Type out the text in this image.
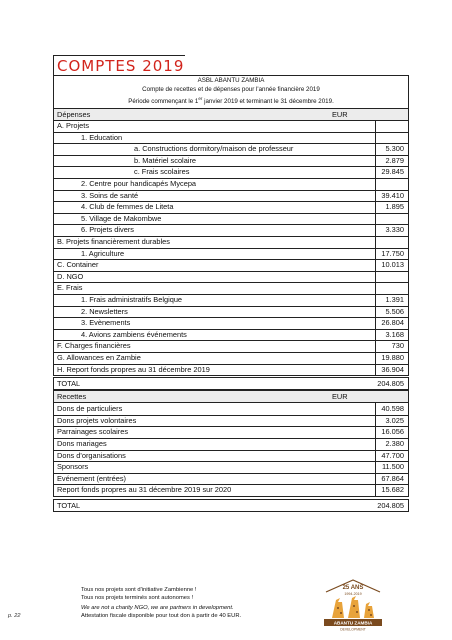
COMPTES 2019
ASBL ABANTU ZAMBIA
Compte de recettes et de dépenses pour l'année financière 2019
Période commençant le 1er janvier 2019 et terminant le 31 décembre 2019.
Dépenses	EUR
A. Projets
1. Education
a. Constructions dormitory/maison de professeur	5.300
b. Matériel scolaire	2.879
c. Frais scolaires	29.845
2. Centre pour handicapés Mycepa
3. Soins de santé	39.410
4. Club de femmes de Liteta	1.895
5. Village de Makombwe
6. Projets divers	3.330
B. Projets financièrement durables
1. Agriculture	17.750
C. Container	10.013
D. NGO
E. Frais
1. Frais administratifs Belgique	1.391
2. Newsletters	5.506
3. Evènements	26.804
4. Avions zambiens événements	3.168
F. Charges financières	730
G. Allowances en Zambie	19.880
H. Report fonds propres au 31 décembre 2019	36.904
TOTAL	204.805
Recettes	EUR
Dons de particuliers	40.598
Dons projets volontaires	3.025
Parrainages scolaires	16.056
Dons mariages	2.380
Dons d'organisations	47.700
Sponsors	11.500
Evénement (entrées)	67.864
Report fonds propres au 31 décembre 2019 sur 2020	15.682
TOTAL	204.805
Tous nos projets sont d'initiative Zambienne !
Tous nos projets terminés sont autonomes !
We are not a charity NGO, we are partners in development.
Attestation fiscale disponible pour tout don à partir de 40 EUR.
p. 22
25 ANS
1994-2019
ABANTU ZAMBIA
DEVELOPMENT
